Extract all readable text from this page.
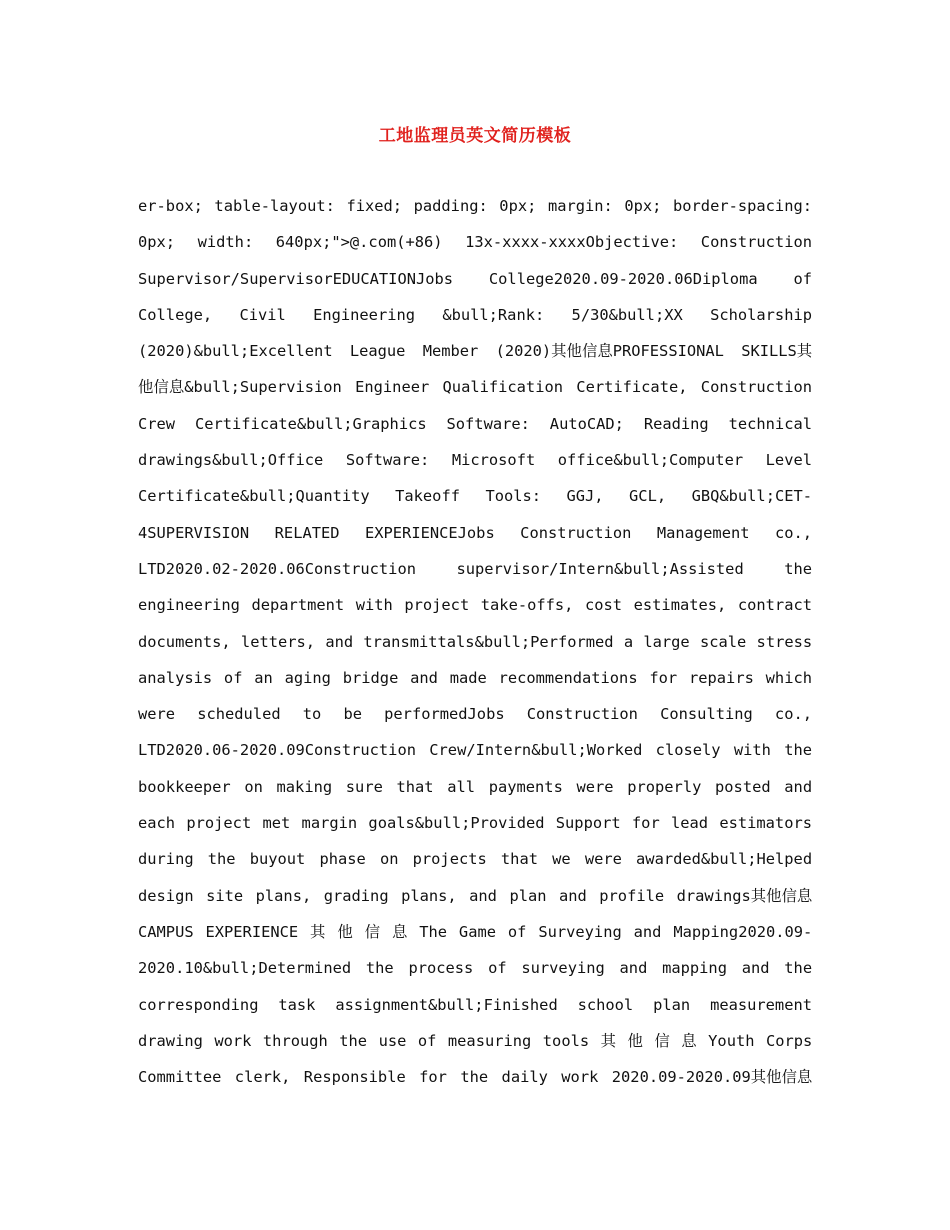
工地监理员英文简历模板
er-box; table-layout: fixed; padding: 0px; margin: 0px; border-spacing:
0px; width: 640px;">@.com(+86) 13x-xxxx-xxxxObjective: Construction
Supervisor/SupervisorEDUCATIONJobs College2020.09-2020.06Diploma of
College, Civil Engineering &bull;Rank: 5/30&bull;XX Scholarship
(2020)&bull;Excellent League Member (2020)其他信息PROFESSIONAL SKILLS其
他信息&bull;Supervision Engineer Qualification Certificate, Construction
Crew Certificate&bull;Graphics Software: AutoCAD; Reading technical
drawings&bull;Office Software: Microsoft office&bull;Computer Level
Certificate&bull;Quantity Takeoff Tools: GGJ, GCL, GBQ&bull;CET-
4SUPERVISION RELATED EXPERIENCEJobs Construction Management co.,
LTD2020.02-2020.06Construction supervisor/Intern&bull;Assisted the
engineering department with project take-offs, cost estimates, contract
documents, letters, and transmittals&bull;Performed a large scale stress
analysis of an aging bridge and made recommendations for repairs which
were scheduled to be performedJobs Construction Consulting co.,
LTD2020.06-2020.09Construction Crew/Intern&bull;Worked closely with the
bookkeeper on making sure that all payments were properly posted and
each project met margin goals&bull;Provided Support for lead estimators
during the buyout phase on projects that we were awarded&bull;Helped
design site plans, grading plans, and plan and profile drawings其他信息
CAMPUS EXPERIENCE 其 他 信 息 The Game of Surveying and Mapping2020.09-
2020.10&bull;Determined the process of surveying and mapping and the
corresponding task assignment&bull;Finished school plan measurement
drawing work through the use of measuring tools 其 他 信 息 Youth Corps
Committee clerk, Responsible for the daily work 2020.09-2020.09其他信息
